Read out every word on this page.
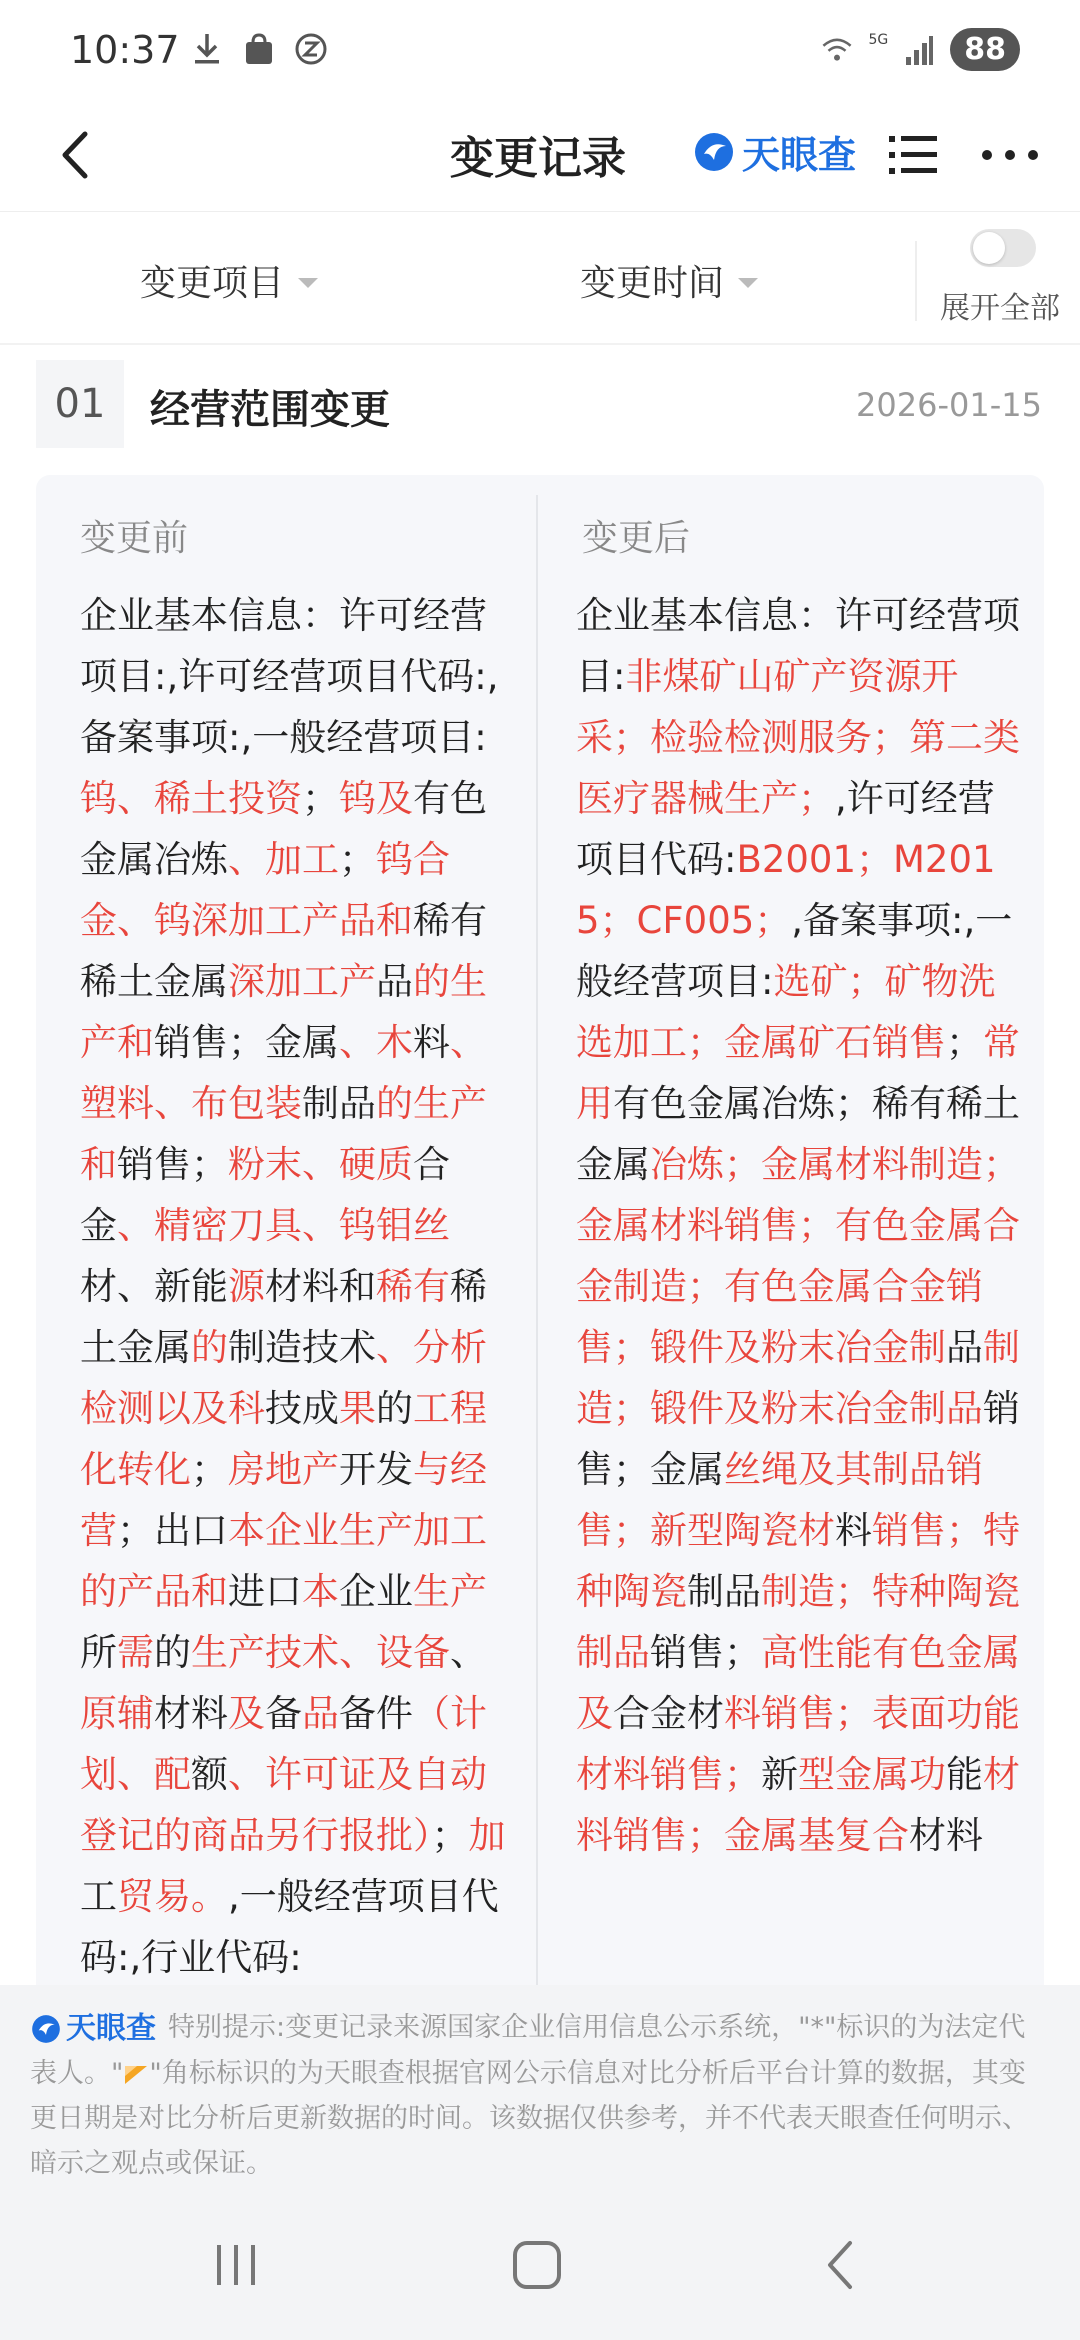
10:37	5G	88
变更记录	天眼查
变更项目	变更时间
展开全部
01	经营范围变更	2026-01-15
变更前
企业基本信息：许可经营项目:,许可经营项目代码:,备案事项:,一般经营项目:钨、稀土投资；钨及有色金属冶炼、加工；钨合金、钨深加工产品和稀有稀土金属深加工产品的生产和销售；金属、木料、塑料、布包装制品的生产和销售；粉末、硬质合金、精密刀具、钨钼丝材、新能源材料和稀有稀土金属的制造技术、分析检测以及科技成果的工程化转化；房地产开发与经营；出口本企业生产加工的产品和进口本企业生产所需的生产技术、设备、原辅材料及备品备件（计划、配额、许可证及自动登记的商品另行报批）；加工贸易。,一般经营项目代码:,行业代码:
变更后
企业基本信息：许可经营项目:非煤矿山矿产资源开采；检验检测服务；第二类医疗器械生产；,许可经营项目代码:B2001；M2015；CF005；,备案事项:,一般经营项目:选矿；矿物洗选加工；金属矿石销售；常用有色金属冶炼；稀有稀土金属冶炼；金属材料制造；金属材料销售；有色金属合金制造；有色金属合金销售；锻件及粉末冶金制品制造；锻件及粉末冶金制品销售；金属丝绳及其制品销售；新型陶瓷材料销售；特种陶瓷制品制造；特种陶瓷制品销售；高性能有色金属及合金材料销售；表面功能材料销售；新型金属功能材料销售；金属基复合材料
天眼查 特别提示:变更记录来源国家企业信用信息公示系统，"*"标识的为法定代表人。" "角标标识的为天眼查根据官网公示信息对比分析后平台计算的数据，其变更日期是对比分析后更新数据的时间。该数据仅供参考，并不代表天眼查任何明示、暗示之观点或保证。
